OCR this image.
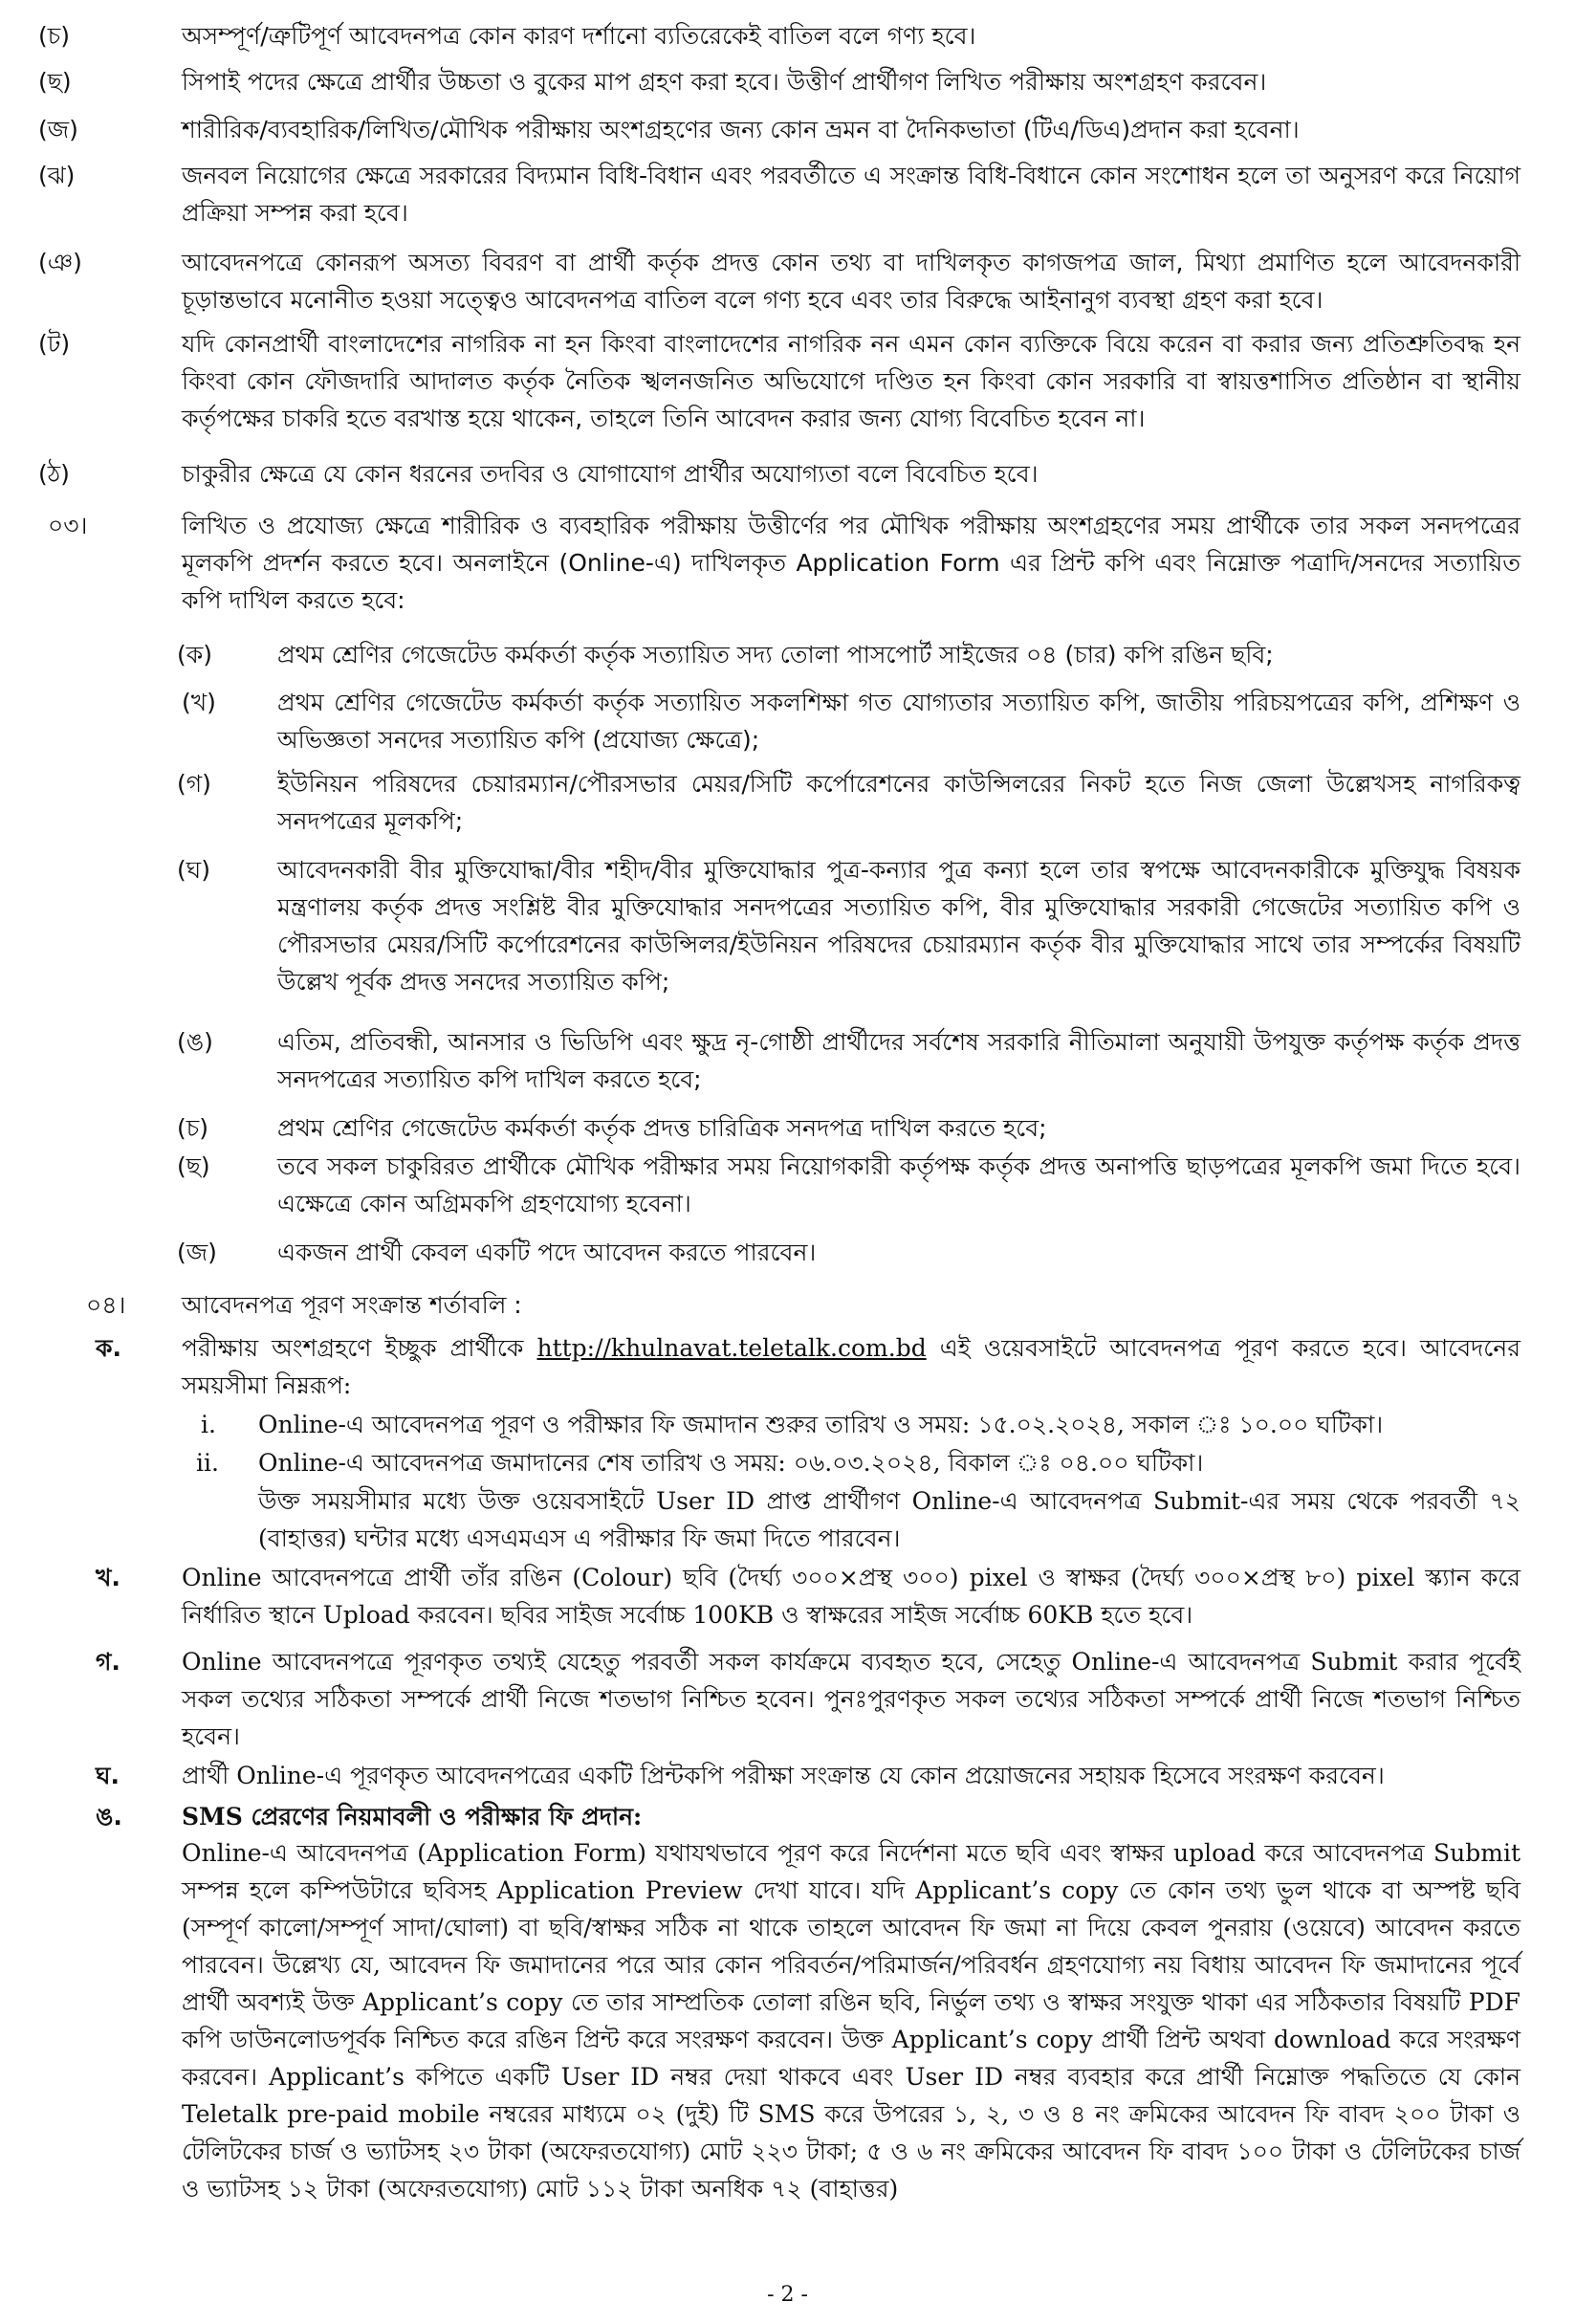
(চ)	অসম্পূর্ণ/ত্রুটিপূর্ণ আবেদনপত্র কোন কারণ দর্শানো ব্যতিরেকেই বাতিল বলে গণ্য হবে।
(ছ)	সিপাই পদের ক্ষেত্রে প্রার্থীর উচ্চতা ও বুকের মাপ গ্রহণ করা হবে। উত্তীর্ণ প্রার্থীগণ লিখিত পরীক্ষায় অংশগ্রহণ করবেন।
(জ)	শারীরিক/ব্যবহারিক/লিখিত/মৌখিক পরীক্ষায় অংশগ্রহণের জন্য কোন ভ্রমন বা দৈনিকভাতা (টিএ/ডিএ)প্রদান করা হবেনা।
(ঝ)	জনবল নিয়োগের ক্ষেত্রে সরকারের বিদ্যমান বিধি-বিধান এবং পরবর্তীতে এ সংক্রান্ত বিধি-বিধানে কোন সংশোধন হলে তা অনুসরণ করে নিয়োগ প্রক্রিয়া সম্পন্ন করা হবে।
(ঞ)	আবেদনপত্রে কোনরূপ অসত্য বিবরণ বা প্রার্থী কর্তৃক প্রদত্ত কোন তথ্য বা দাখিলকৃত কাগজপত্র জাল, মিথ্যা প্রমাণিত হলে আবেদনকারী চূড়ান্তভাবে মনোনীত হওয়া সত্ত্বেও আবেদনপত্র বাতিল বলে গণ্য হবে এবং তার বিরুদ্ধে আইনানুগ ব্যবস্থা গ্রহণ করা হবে।
(ট)	যদি কোনপ্রার্থী বাংলাদেশের নাগরিক না হন কিংবা বাংলাদেশের নাগরিক নন এমন কোন ব্যক্তিকে বিয়ে করেন বা করার জন্য প্রতিশ্রুতিবদ্ধ হন কিংবা কোন ফৌজদারি আদালত কর্তৃক নৈতিক স্খলনজনিত অভিযোগে দণ্ডিত হন কিংবা কোন সরকারি বা স্বায়ত্তশাসিত প্রতিষ্ঠান বা স্থানীয় কর্তৃপক্ষের চাকরি হতে বরখাস্ত হয়ে থাকেন, তাহলে তিনি আবেদন করার জন্য যোগ্য বিবেচিত হবেন না।
(ঠ)	চাকুরীর ক্ষেত্রে যে কোন ধরনের তদবির ও যোগাযোগ প্রার্থীর অযোগ্যতা বলে বিবেচিত হবে।
০৩।	লিখিত ও প্রযোজ্য ক্ষেত্রে শারীরিক ও ব্যবহারিক পরীক্ষায় উত্তীর্ণের পর মৌখিক পরীক্ষায় অংশগ্রহণের সময় প্রার্থীকে তার সকল সনদপত্রের মূলকপি প্রদর্শন করতে হবে। অনলাইনে (Online-এ) দাখিলকৃত Application Form এর প্রিন্ট কপি এবং নিম্নোক্ত পত্রাদি/সনদের সত্যায়িত কপি দাখিল করতে হবে:
(ক)	প্রথম শ্রেণির গেজেটেড কর্মকর্তা কর্তৃক সত্যায়িত সদ্য তোলা পাসপোর্ট সাইজের ০৪ (চার) কপি রঙিন ছবি;
(খ)	প্রথম শ্রেণির গেজেটেড কর্মকর্তা কর্তৃক সত্যায়িত সকলশিক্ষা গত যোগ্যতার সত্যায়িত কপি, জাতীয় পরিচয়পত্রের কপি, প্রশিক্ষণ ও অভিজ্ঞতা সনদের সত্যায়িত কপি (প্রযোজ্য ক্ষেত্রে);
(গ)	ইউনিয়ন পরিষদের চেয়ারম্যান/পৌরসভার মেয়র/সিটি কর্পোরেশনের কাউন্সিলরের নিকট হতে নিজ জেলা উল্লেখসহ নাগরিকত্ব সনদপত্রের মূলকপি;
(ঘ)	আবেদনকারী বীর মুক্তিযোদ্ধা/বীর শহীদ/বীর মুক্তিযোদ্ধার পুত্র-কন্যার পুত্র কন্যা হলে তার স্বপক্ষে আবেদনকারীকে মুক্তিযুদ্ধ বিষয়ক মন্ত্রণালয় কর্তৃক প্রদত্ত সংশ্লিষ্ট বীর মুক্তিযোদ্ধার সনদপত্রের সত্যায়িত কপি, বীর মুক্তিযোদ্ধার সরকারী গেজেটের সত্যায়িত কপি ও পৌরসভার মেয়র/সিটি কর্পোরেশনের কাউন্সিলর/ইউনিয়ন পরিষদের চেয়ারম্যান কর্তৃক বীর মুক্তিযোদ্ধার সাথে তার সম্পর্কের বিষয়টি উল্লেখ পূর্বক প্রদত্ত সনদের সত্যায়িত কপি;
(ঙ)	এতিম, প্রতিবন্ধী, আনসার ও ভিডিপি এবং ক্ষুদ্র নৃ-গোষ্ঠী প্রার্থীদের সর্বশেষ সরকারি নীতিমালা অনুযায়ী উপযুক্ত কর্তৃপক্ষ কর্তৃক প্রদত্ত সনদপত্রের সত্যায়িত কপি দাখিল করতে হবে;
(চ)	প্রথম শ্রেণির গেজেটেড কর্মকর্তা কর্তৃক প্রদত্ত চারিত্রিক সনদপত্র দাখিল করতে হবে;
(ছ)	তবে সকল চাকুরিরত প্রার্থীকে মৌখিক পরীক্ষার সময় নিয়োগকারী কর্তৃপক্ষ কর্তৃক প্রদত্ত অনাপত্তি ছাড়পত্রের মূলকপি জমা দিতে হবে। এক্ষেত্রে কোন অগ্রিমকপি গ্রহণযোগ্য হবেনা।
(জ)	একজন প্রার্থী কেবল একটি পদে আবেদন করতে পারবেন।
০৪। আবেদনপত্র পূরণ সংক্রান্ত শর্তাবলি :
ক.	পরীক্ষায় অংশগ্রহণে ইচ্ছুক প্রার্থীকে http://khulnavat.teletalk.com.bd এই ওয়েবসাইটে আবেদনপত্র পূরণ করতে হবে। আবেদনের সময়সীমা নিম্নরূপ:
i. Online-এ আবেদনপত্র পূরণ ও পরীক্ষার ফি জমাদান শুরুর তারিখ ও সময়: ১৫.০২.২০২৪, সকাল ঃ ১০.০০ ঘটিকা।
ii. Online-এ আবেদনপত্র জমাদানের শেষ তারিখ ও সময়: ০৬.০৩.২০২৪, বিকাল ঃ ০৪.০০ ঘটিকা।
উক্ত সময়সীমার মধ্যে উক্ত ওয়েবসাইটে User ID প্রাপ্ত প্রার্থীগণ Online-এ আবেদনপত্র Submit-এর সময় থেকে পরবর্তী ৭২ (বাহাত্তর) ঘন্টার মধ্যে এসএমএস এ পরীক্ষার ফি জমা দিতে পারবেন।
খ.	Online আবেদনপত্রে প্রার্থী তাঁর রঙিন (Colour) ছবি (দৈর্ঘ্য ৩০০×প্রস্থ ৩০০) pixel ও স্বাক্ষর (দৈর্ঘ্য ৩০০×প্রস্থ ৮০) pixel স্ক্যান করে নির্ধারিত স্থানে Upload করবেন। ছবির সাইজ সর্বোচ্চ 100KB ও স্বাক্ষরের সাইজ সর্বোচ্চ 60KB হতে হবে।
গ.	Online আবেদনপত্রে পূরণকৃত তথ্যই যেহেতু পরবর্তী সকল কার্যক্রমে ব্যবহৃত হবে, সেহেতু Online-এ আবেদনপত্র Submit করার পূর্বেই সকল তথ্যের সঠিকতা সম্পর্কে প্রার্থী নিজে শতভাগ নিশ্চিত হবেন। পুনঃপুরণকৃত সকল তথ্যের সঠিকতা সম্পর্কে প্রার্থী নিজে শতভাগ নিশ্চিত হবেন।
ঘ.	প্রার্থী Online-এ পূরণকৃত আবেদনপত্রের একটি প্রিন্টকপি পরীক্ষা সংক্রান্ত যে কোন প্রয়োজনের সহায়ক হিসেবে সংরক্ষণ করবেন।
ঙ. SMS প্রেরণের নিয়মাবলী ও পরীক্ষার ফি প্রদান:
Online-এ আবেদনপত্র (Application Form) যথাযথভাবে পূরণ করে নির্দেশনা মতে ছবি এবং স্বাক্ষর upload করে আবেদনপত্র Submit সম্পন্ন হলে কম্পিউটারে ছবিসহ Application Preview দেখা যাবে। যদি Applicant’s copy তে কোন তথ্য ভুল থাকে বা অস্পষ্ট ছবি (সম্পূর্ণ কালো/সম্পূর্ণ সাদা/ঘোলা) বা ছবি/স্বাক্ষর সঠিক না থাকে তাহলে আবেদন ফি জমা না দিয়ে কেবল পুনরায় (ওয়েবে) আবেদন করতে পারবেন। উল্লেখ্য যে, আবেদন ফি জমাদানের পরে আর কোন পরিবর্তন/পরিমার্জন/পরিবর্ধন গ্রহণযোগ্য নয় বিধায় আবেদন ফি জমাদানের পূর্বে প্রার্থী অবশ্যই উক্ত Applicant’s copy তে তার সাম্প্রতিক তোলা রঙিন ছবি, নির্ভুল তথ্য ও স্বাক্ষর সংযুক্ত থাকা এর সঠিকতার বিষয়টি PDF কপি ডাউনলোডপূর্বক নিশ্চিত করে রঙিন প্রিন্ট করে সংরক্ষণ করবেন। উক্ত Applicant’s copy প্রার্থী প্রিন্ট অথবা download করে সংরক্ষণ করবেন। Applicant’s কপিতে একটি User ID নম্বর দেয়া থাকবে এবং User ID নম্বর ব্যবহার করে প্রার্থী নিম্নোক্ত পদ্ধতিতে যে কোন Teletalk pre-paid mobile নম্বরের মাধ্যমে ০২ (দুই) টি SMS করে উপরের ১, ২, ৩ ও ৪ নং ক্রমিকের আবেদন ফি বাবদ ২০০ টাকা ও টেলিটকের চার্জ ও ভ্যাটসহ ২৩ টাকা (অফেরতযোগ্য) মোট ২২৩ টাকা; ৫ ও ৬ নং ক্রমিকের আবেদন ফি বাবদ ১০০ টাকা ও টেলিটকের চার্জ ও ভ্যাটসহ ১২ টাকা (অফেরতযোগ্য) মোট ১১২ টাকা অনধিক ৭২ (বাহাত্তর)
- 2 -
